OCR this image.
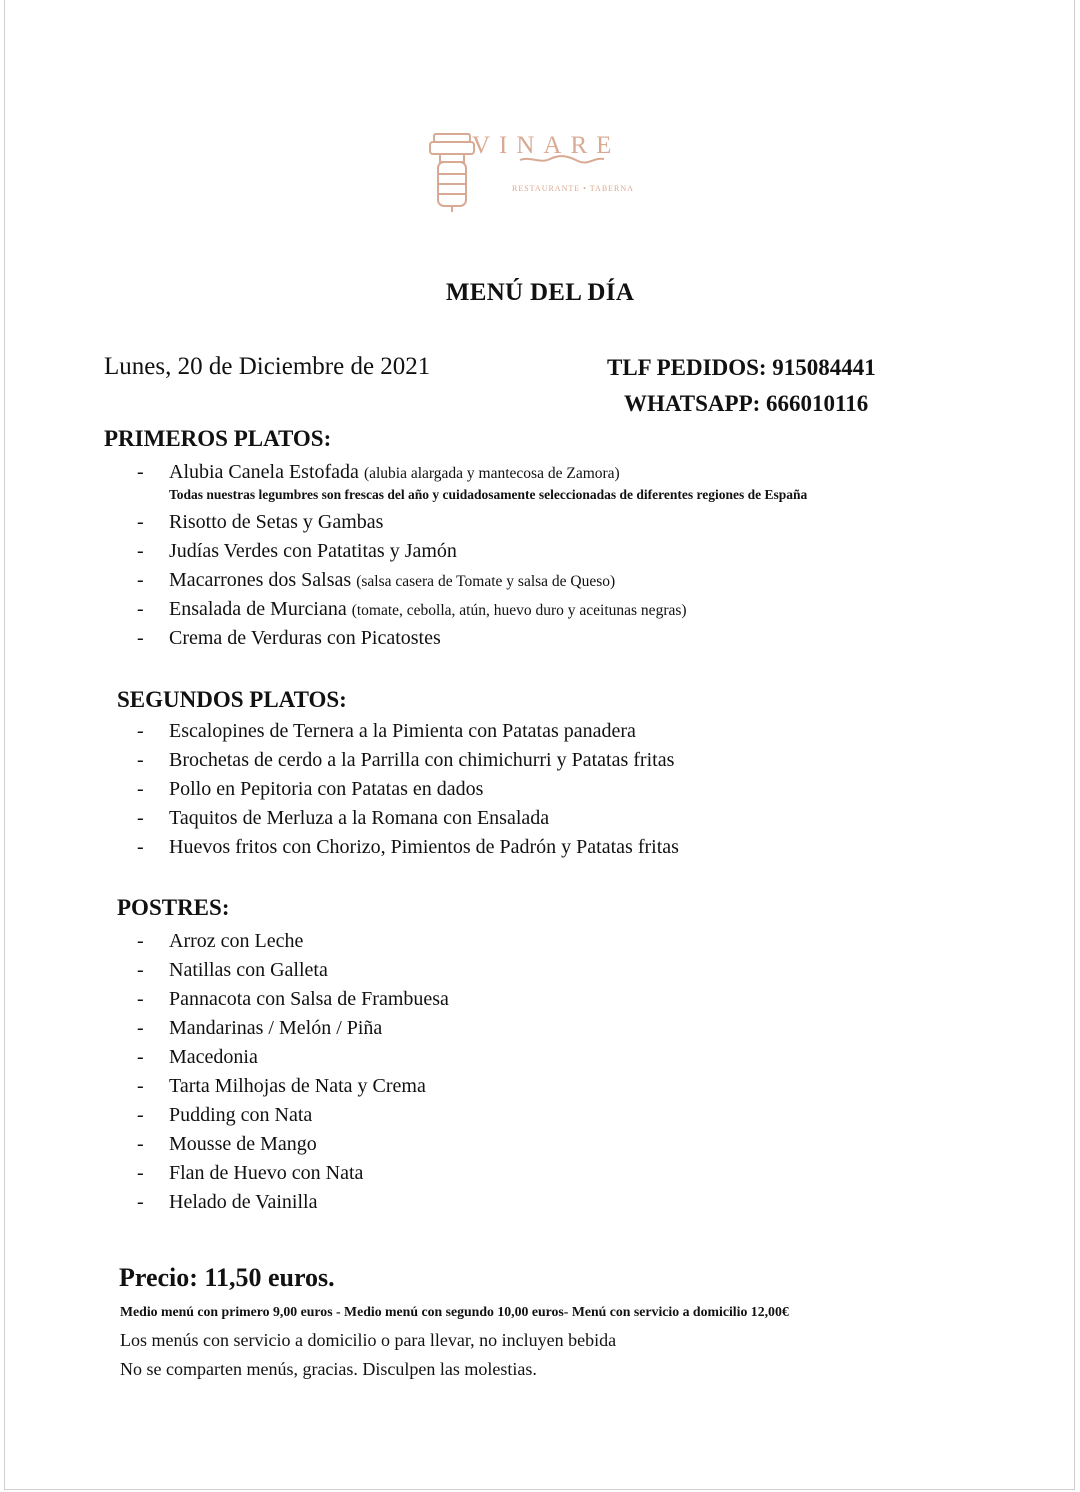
VINARE
RESTAURANTE • TABERNA
MENÚ DEL DÍA
Lunes, 20 de Diciembre de 2021	TLF PEDIDOS: 915084441
WHATSAPP: 666010116
PRIMEROS PLATOS:
- Alubia Canela Estofada (alubia alargada y mantecosa de Zamora)
Todas nuestras legumbres son frescas del año y cuidadosamente seleccionadas de diferentes regiones de España
- Risotto de Setas y Gambas
- Judías Verdes con Patatitas y Jamón
- Macarrones dos Salsas (salsa casera de Tomate y salsa de Queso)
- Ensalada de Murciana (tomate, cebolla, atún, huevo duro y aceitunas negras)
- Crema de Verduras con Picatostes
SEGUNDOS PLATOS:
- Escalopines de Ternera a la Pimienta con Patatas panadera
- Brochetas de cerdo a la Parrilla con chimichurri y Patatas fritas
- Pollo en Pepitoria con Patatas en dados
- Taquitos de Merluza a la Romana con Ensalada
- Huevos fritos con Chorizo, Pimientos de Padrón y Patatas fritas
POSTRES:
- Arroz con Leche
- Natillas con Galleta
- Pannacota con Salsa de Frambuesa
- Mandarinas / Melón / Piña
- Macedonia
- Tarta Milhojas de Nata y Crema
- Pudding con Nata
- Mousse de Mango
- Flan de Huevo con Nata
- Helado de Vainilla
Precio: 11,50 euros.
Medio menú con primero 9,00 euros - Medio menú con segundo 10,00 euros- Menú con servicio a domicilio 12,00€
Los menús con servicio a domicilio o para llevar, no incluyen bebida
No se comparten menús, gracias. Disculpen las molestias.
